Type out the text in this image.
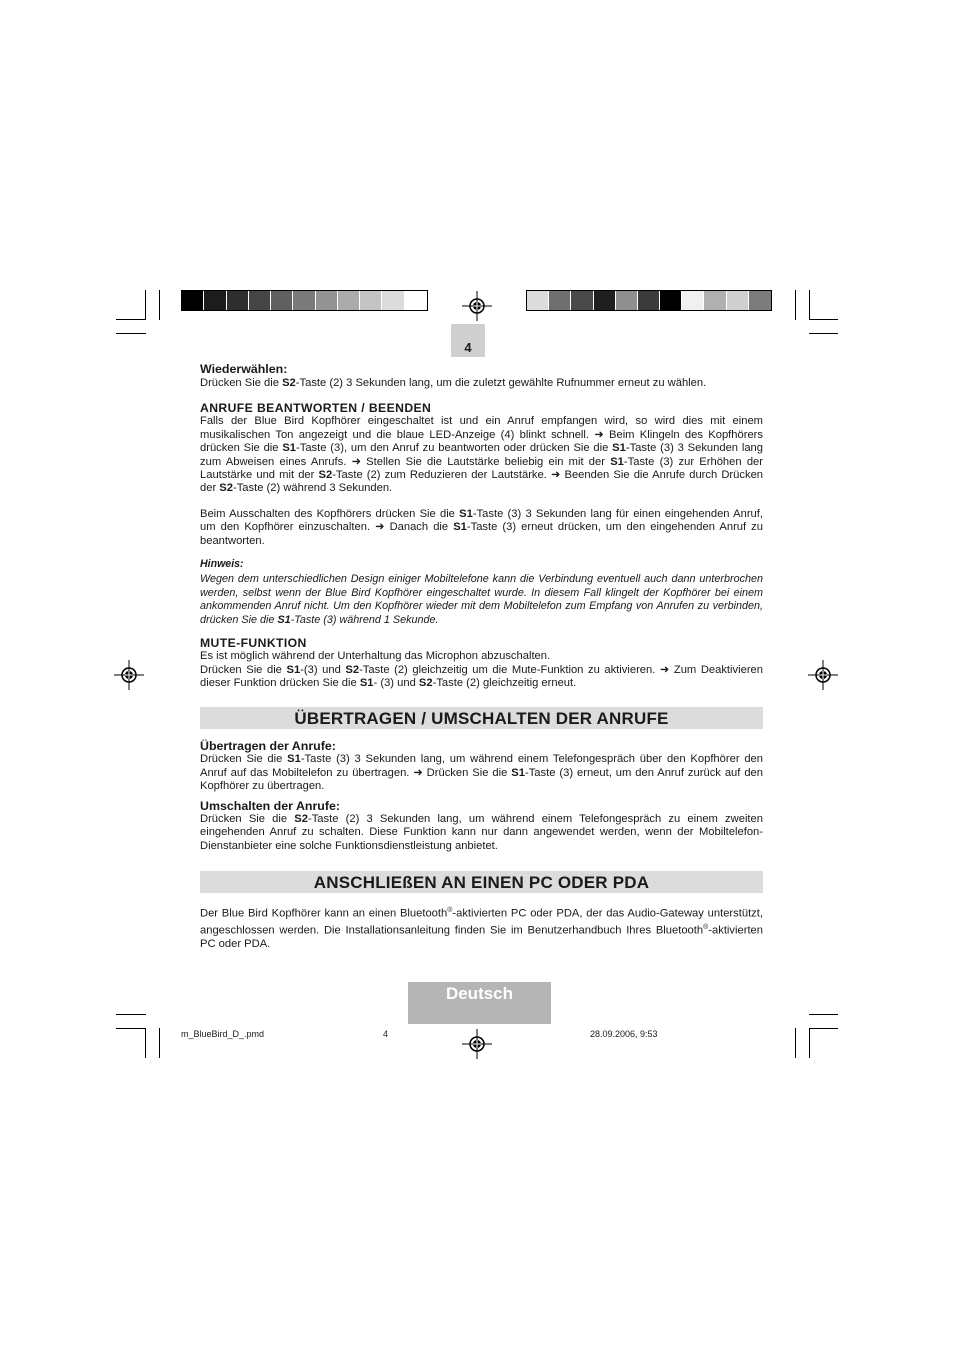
4
Wiederwählen:

Drücken Sie die S2-Taste (2) 3 Sekunden lang, um die zuletzt gewählte Rufnummer erneut zu wählen.

ANRUFE BEANTWORTEN / BEENDEN

Falls der Blue Bird Kopfhörer eingeschaltet ist und ein Anruf empfangen wird, so wird dies mit einem musikalischen Ton angezeigt und die blaue LED-Anzeige (4) blinkt schnell. ➜ Beim Klingeln des Kopfhörers drücken Sie die S1-Taste (3), um den Anruf zu beantworten oder drücken Sie die S1-Taste (3) 3 Sekunden lang zum Abweisen eines Anrufs. ➜ Stellen Sie die Lautstärke beliebig ein mit der S1-Taste (3) zur Erhöhen der Lautstärke und mit der S2-Taste (2) zum Reduzieren der Lautstärke. ➜ Beenden Sie die Anrufe durch Drücken der S2-Taste (2) während 3 Sekunden.

Beim Ausschalten des Kopfhörers drücken Sie die S1-Taste (3) 3 Sekunden lang für einen eingehenden Anruf, um den Kopfhörer einzuschalten. ➜ Danach die S1-Taste (3) erneut drücken, um den eingehenden Anruf zu beantworten.

Hinweis:

Wegen dem unterschiedlichen Design einiger Mobiltelefone kann die Verbindung eventuell auch dann unterbrochen werden, selbst wenn der Blue Bird Kopfhörer eingeschaltet wurde. In diesem Fall klingelt der Kopfhörer bei einem ankommenden Anruf nicht. Um den Kopfhörer wieder mit dem Mobiltelefon zum Empfang von Anrufen zu verbinden, drücken Sie die S1-Taste (3) während 1 Sekunde.

MUTE-FUNKTION

Es ist möglich während der Unterhaltung das Microphon abzuschalten.

Drücken Sie die S1-(3) und S2-Taste (2) gleichzeitig um die Mute-Funktion zu aktivieren. ➜ Zum Deaktivieren dieser Funktion drücken Sie die S1- (3) und S2-Taste (2) gleichzeitig erneut.

ÜBERTRAGEN / UMSCHALTEN DER ANRUFE
Übertragen der Anrufe:

Drücken Sie die S1-Taste (3) 3 Sekunden lang, um während einem Telefongespräch über den Kopfhörer den Anruf auf das Mobiltelefon zu übertragen. ➜ Drücken Sie die S1-Taste (3) erneut, um den Anruf zurück auf den Kopfhörer zu übertragen.

Umschalten der Anrufe:

Drücken Sie die S2-Taste (2) 3 Sekunden lang, um während einem Telefongespräch zu einem zweiten eingehenden Anruf zu schalten. Diese Funktion kann nur dann angewendet werden, wenn der Mobiltelefon-Dienstanbieter eine solche Funktionsdienstleistung anbietet.

ANSCHLIEßEN AN EINEN PC ODER PDA

Der Blue Bird Kopfhörer kann an einen Bluetooth®-aktivierten PC oder PDA, der das Audio-Gateway unterstützt, angeschlossen werden. Die Installationsanleitung finden Sie im Benutzerhandbuch Ihres Bluetooth®-aktivierten PC oder PDA.

Deutsch
m_BlueBird_D_.pmd	4	28.09.2006, 9:53
